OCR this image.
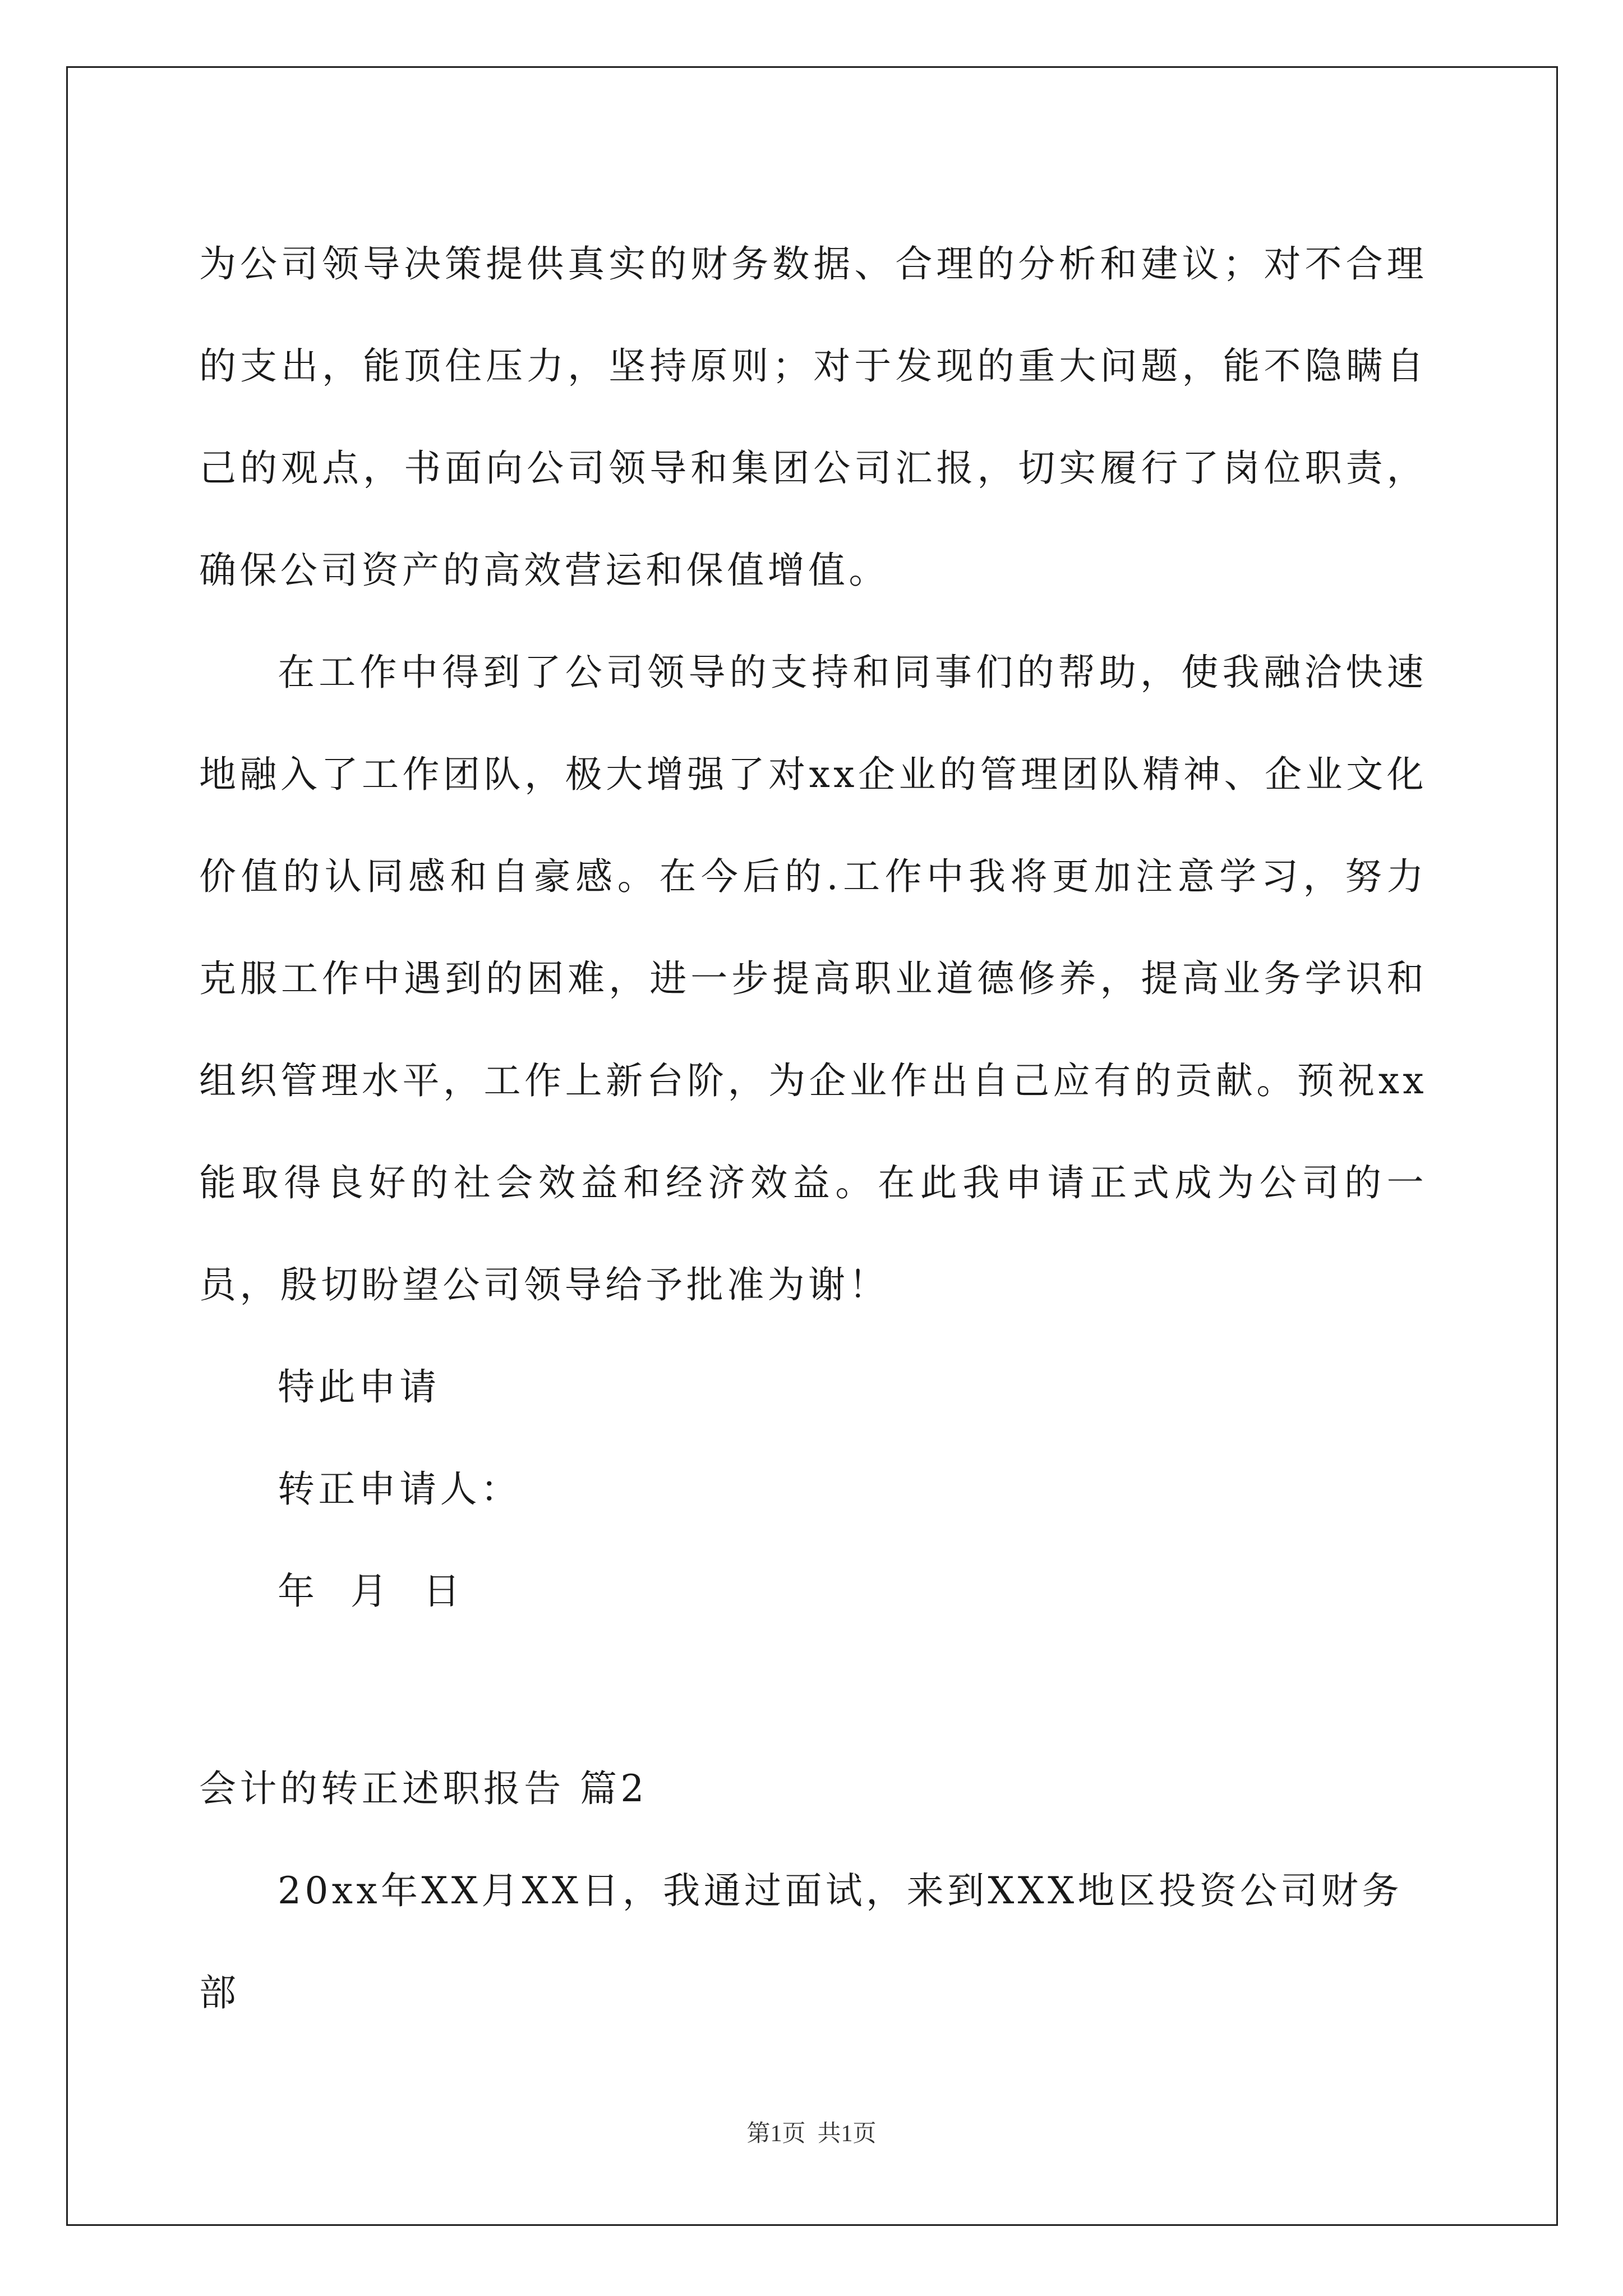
为公司领导决策提供真实的财务数据、合理的分析和建议；对不合理的支出，能顶住压力，坚持原则；对于发现的重大问题，能不隐瞒自己的观点，书面向公司领导和集团公司汇报，切实履行了岗位职责，确保公司资产的高效营运和保值增值。

在工作中得到了公司领导的支持和同事们的帮助，使我融洽快速地融入了工作团队，极大增强了对xx企业的管理团队精神、企业文化价值的认同感和自豪感。在今后的.工作中我将更加注意学习，努力克服工作中遇到的困难，进一步提高职业道德修养，提高业务学识和组织管理水平，工作上新台阶，为企业作出自己应有的贡献。预祝xx能取得良好的社会效益和经济效益。在此我申请正式成为公司的一员，殷切盼望公司领导给予批准为谢！

特此申请

转正申请人：

年 月 日

会计的转正述职报告 篇2

20xx年XX月XX日，我通过面试，来到XXX地区投资公司财务部

第1页  共1页
